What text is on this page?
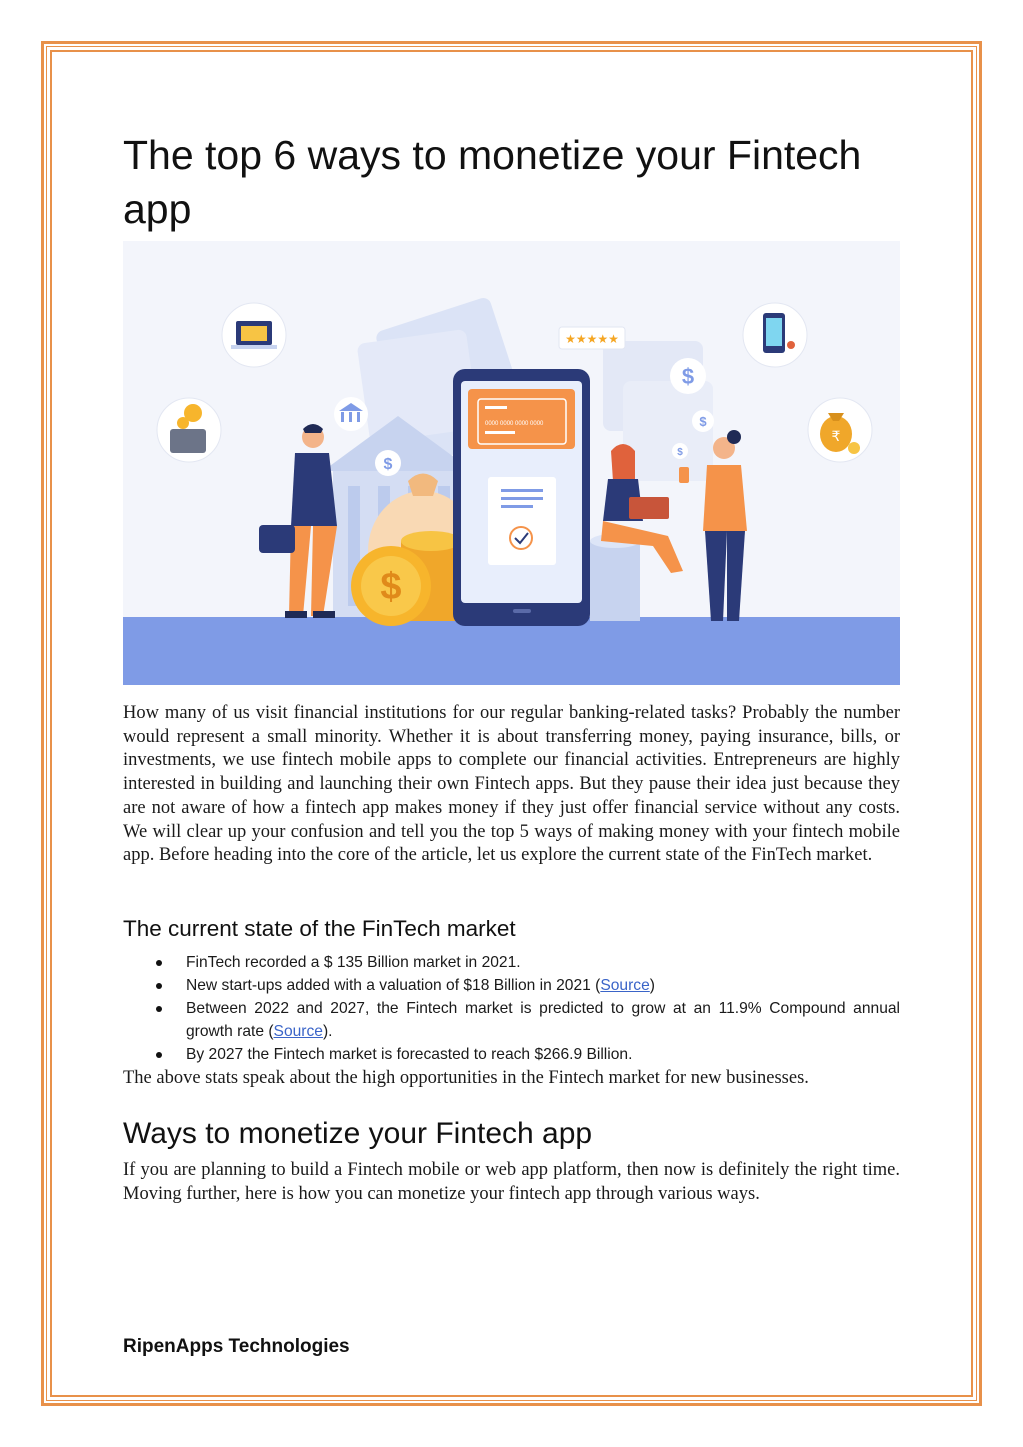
The top 6 ways to monetize your Fintech app
$
0000 0000 0000 0000
★★★★★
$
$
$
$
₹

How many of us visit financial institutions for our regular banking-related tasks? Probably the number would represent a small minority. Whether it is about transferring money, paying insurance, bills, or investments, we use fintech mobile apps to complete our financial activities. Entrepreneurs are highly interested in building and launching their own Fintech apps. But they pause their idea just because they are not aware of how a fintech app makes money if they just offer financial service without any costs. We will clear up your confusion and tell you the top 5 ways of making money with your fintech mobile app. Before heading into the core of the article, let us explore the current state of the FinTech market.

The current state of the FinTech market
FinTech recorded a $ 135 Billion market in 2021.
New start-ups added with a valuation of $18 Billion in 2021 (Source)
Between 2022 and 2027, the Fintech market is predicted to grow at an 11.9% Compound annual growth rate (Source).
By 2027 the Fintech market is forecasted to reach $266.9 Billion.

The above stats speak about the high opportunities in the Fintech market for new businesses.

Ways to monetize your Fintech app

If you are planning to build a Fintech mobile or web app platform, then now is definitely the right time. Moving further, here is how you can monetize your fintech app through various ways.

RipenApps Technologies
